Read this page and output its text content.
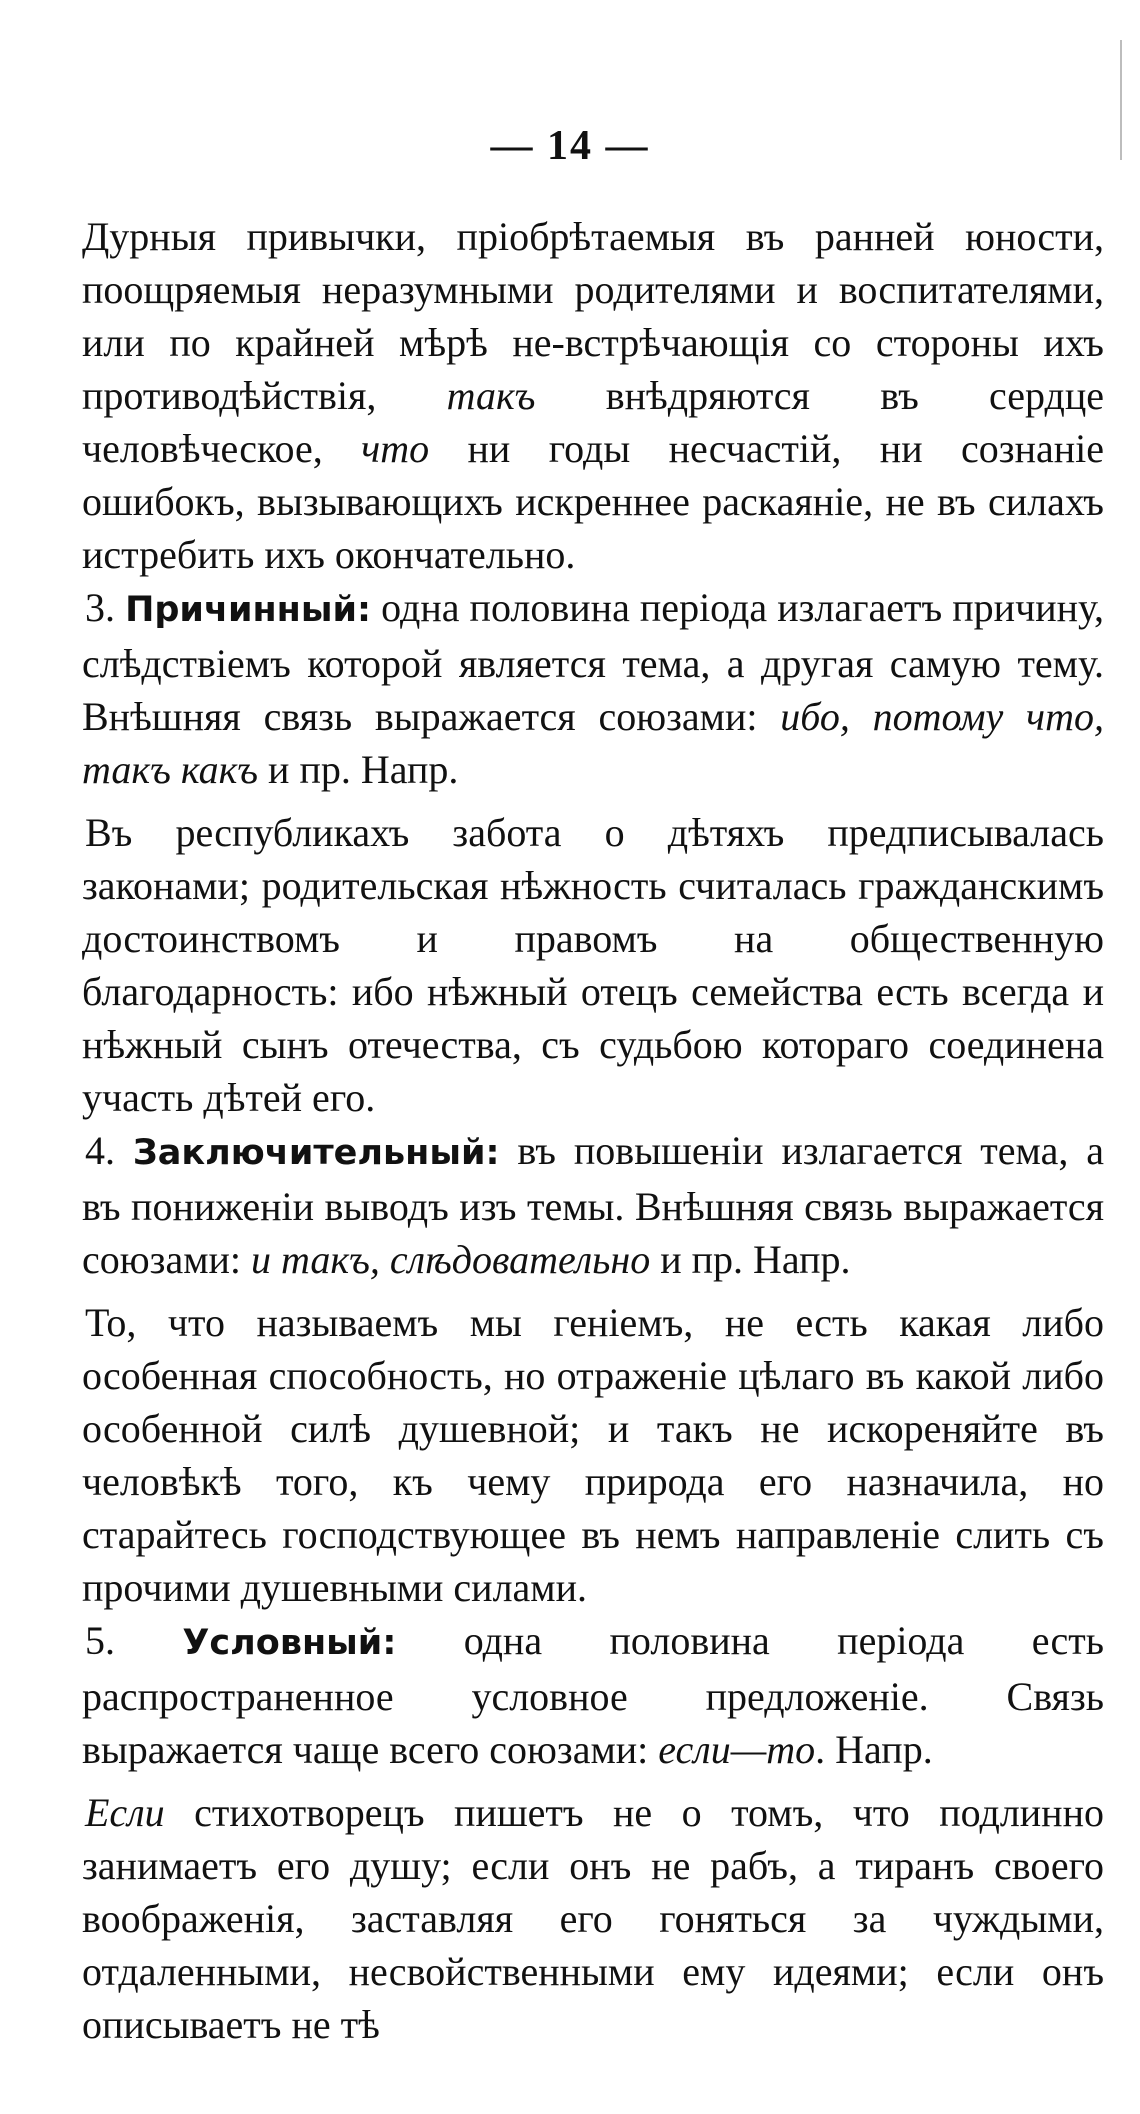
— 14 —

Дурныя привычки, пріобрѣтаемыя въ ранней юности, поощряемыя неразумными родителями и воспитателями, или по крайней мѣрѣ не-встрѣчающія со стороны ихъ противодѣйствія, такъ внѣдряются въ сердце человѣческое, что ни годы несчастій, ни сознаніе ошибокъ, вызывающихъ искреннее раскаяніе, не въ силахъ истребить ихъ окончательно.

3. Причинный: одна половина періода излагаетъ причину, слѣдствіемъ которой является тема, а другая самую тему. Внѣшняя связь выражается союзами: ибо, потому что, такъ какъ и пр. Напр.

Въ республикахъ забота о дѣтяхъ предписывалась законами; родительская нѣжность считалась гражданскимъ достоинствомъ и правомъ на общественную благодарность: ибо нѣжный отецъ семейства есть всегда и нѣжный сынъ отечества, съ судьбою котораго соединена участь дѣтей его.

4. Заключительный: въ повышеніи излагается тема, а въ пониженіи выводъ изъ темы. Внѣшняя связь выражается союзами: и такъ, слѣдовательно и пр. Напр.

То, что называемъ мы геніемъ, не есть какая либо особенная способность, но отраженіе цѣлаго въ какой либо особенной силѣ душевной; и такъ не искореняйте въ человѣкѣ того, къ чему природа его назначила, но старайтесь господствующее въ немъ направленіе слить съ прочими душевными силами.

5. Условный: одна половина періода есть распространенное условное предложеніе. Связь выражается чаще всего союзами: если—то. Напр.

Если стихотворецъ пишетъ не о томъ, что подлинно занимаетъ его душу; если онъ не рабъ, а тиранъ своего воображенія, заставляя его гоняться за чуждыми, отдаленными, несвойственными ему идеями; если онъ описываетъ не тѣ
